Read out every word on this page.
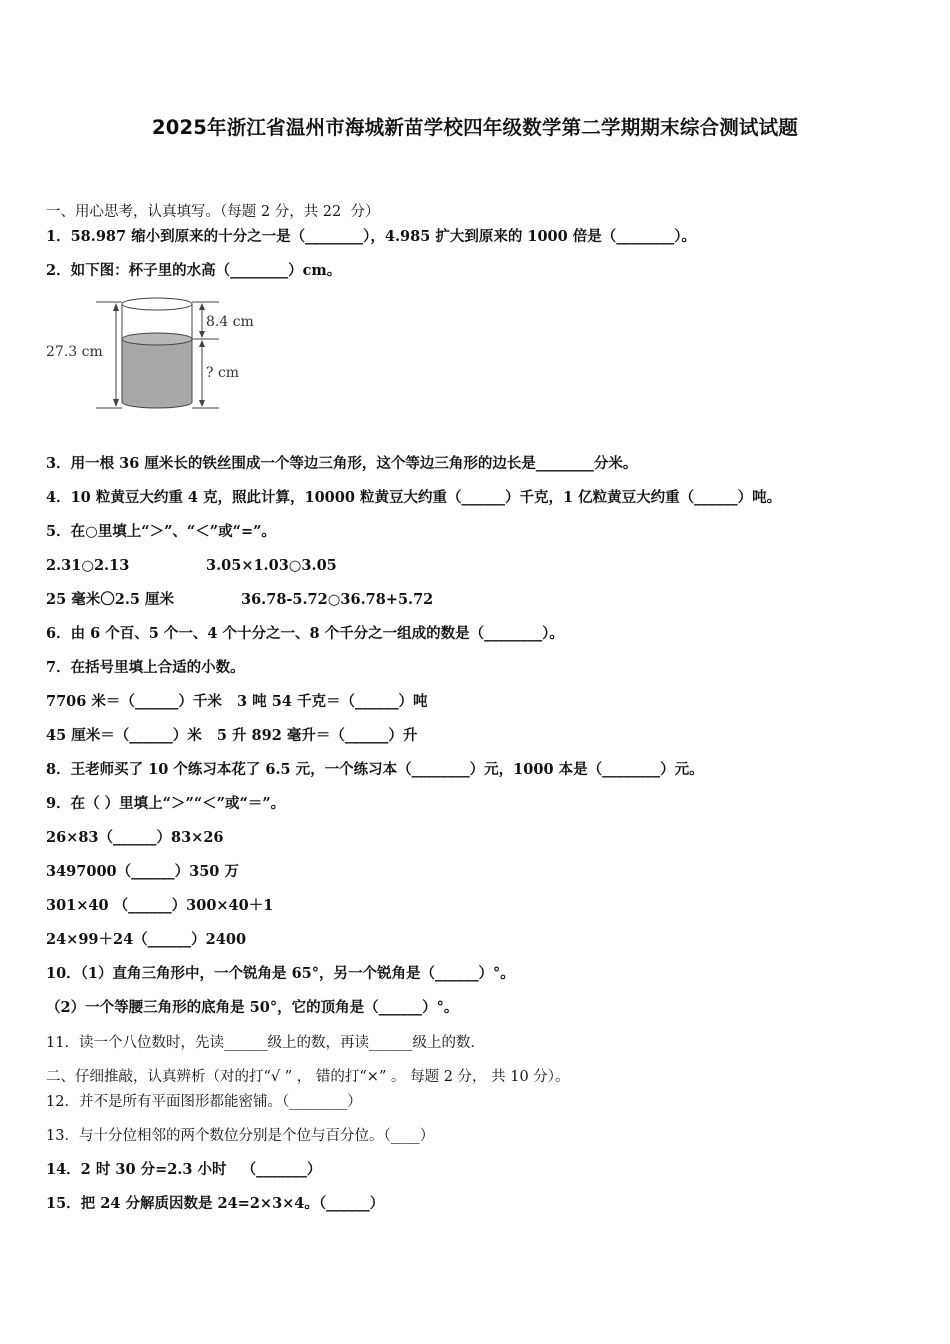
2025年浙江省温州市海城新苗学校四年级数学第二学期期末综合测试试题
一、用心思考，认真填写。（每题 2 分，共 22  分）
1．58.987 缩小到原来的十分之一是（________），4.985 扩大到原来的 1000 倍是（________）。
2．如下图：杯子里的水高（________）cm。
27.3 cm
8.4 cm
? cm
3．用一根 36 厘米长的铁丝围成一个等边三角形，这个等边三角形的边长是________分米。
4．10 粒黄豆大约重 4 克，照此计算，10000 粒黄豆大约重（______）千克，1 亿粒黄豆大约重（______）吨。
5．在○里填上“＞”、“＜”或“=”。
2.31○2.13	3.05×1.03○3.05
25 毫米〇2.5 厘米	36.78-5.72○36.78+5.72
6．由 6 个百、5 个一、4 个十分之一、8 个千分之一组成的数是（________）。
7．在括号里填上合适的小数。
7706 米＝（______）千米   3 吨 54 千克＝（______）吨
45 厘米＝（______）米   5 升 892 毫升＝（______）升
8．王老师买了 10 个练习本花了 6.5 元，一个练习本（________）元，1000 本是（________）元。
9．在（ ）里填上“＞”“＜”或“＝”。
26×83（______）83×26
3497000（______）350 万
301×40 （______）300×40＋1
24×99＋24（______）2400
10．（1）直角三角形中，一个锐角是 65°，另一个锐角是（______）°。
（2）一个等腰三角形的底角是 50°，它的顶角是（______）°。
11．读一个八位数时，先读______级上的数，再读______级上的数．
二、仔细推敲，认真辨析（对的打“√ ” ， 错的打“×” 。 每题 2 分， 共 10 分）。
12．并不是所有平面图形都能密铺。（________）
13．与十分位相邻的两个数位分别是个位与百分位。（____）
14．2 时 30 分=2.3 小时   （_______）
15．把 24 分解质因数是 24=2×3×4。（______）
